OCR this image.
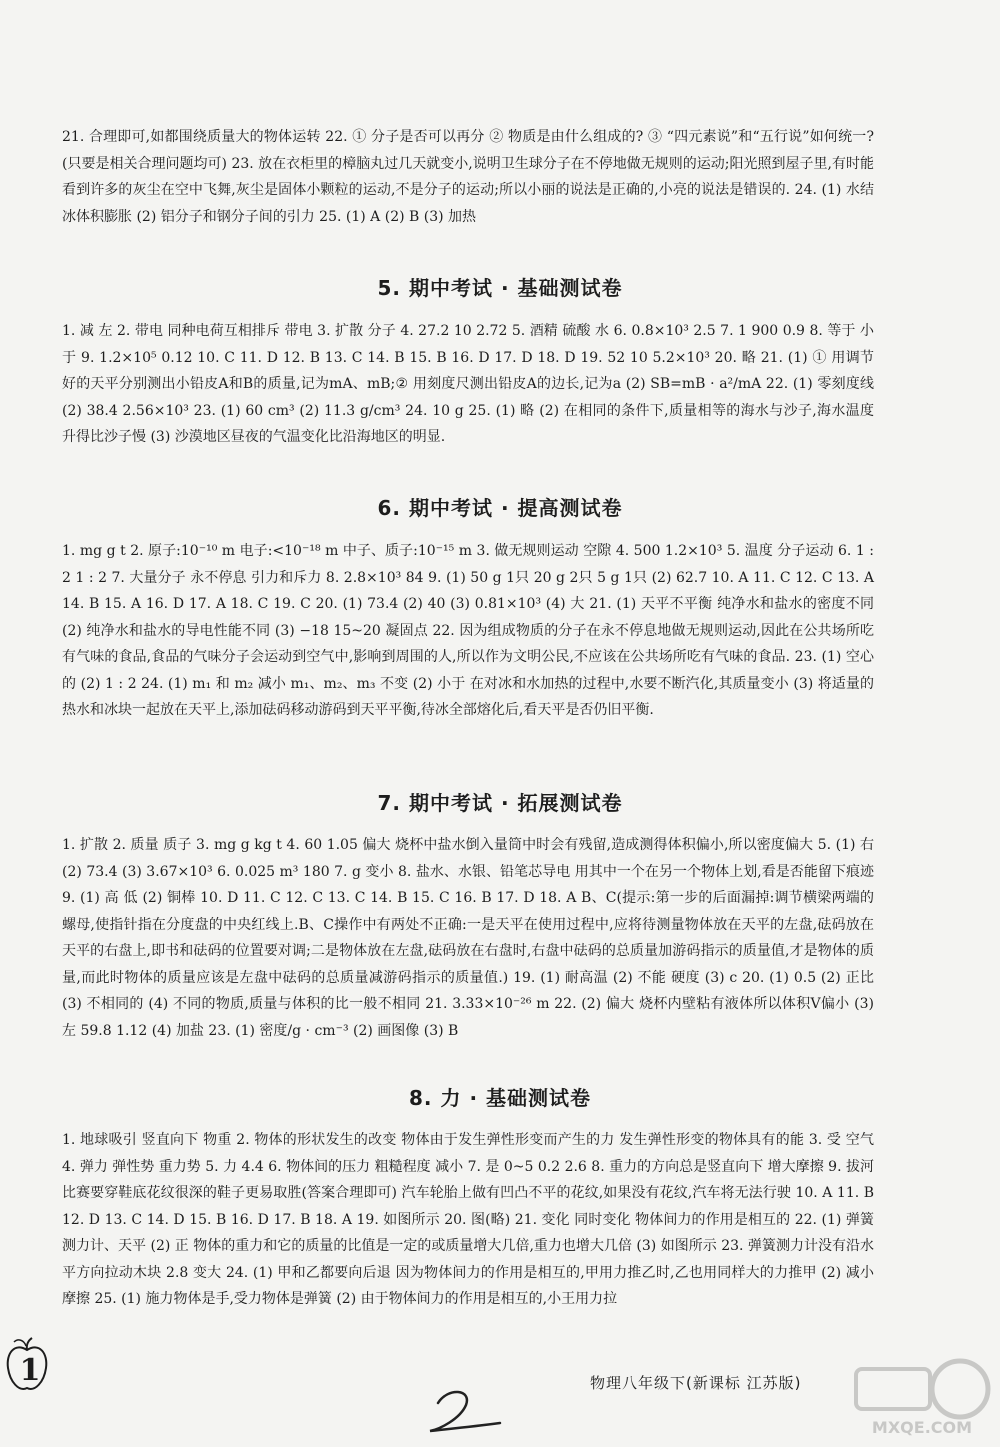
21. 合理即可,如都围绕质量大的物体运转 22. ① 分子是否可以再分 ② 物质是由什么组成的? ③ “四元素说”和“五行说”如何统一?(只要是相关合理问题均可) 23. 放在衣柜里的樟脑丸过几天就变小,说明卫生球分子在不停地做无规则的运动;阳光照到屋子里,有时能看到许多的灰尘在空中飞舞,灰尘是固体小颗粒的运动,不是分子的运动;所以小丽的说法是正确的,小亮的说法是错误的. 24. (1) 水结冰体积膨胀 (2) 铝分子和钢分子间的引力 25. (1) A (2) B (3) 加热

5. 期中考试 · 基础测试卷

1. 减 左 2. 带电 同种电荷互相排斥 带电 3. 扩散 分子 4. 27.2 10 2.72 5. 酒精 硫酸 水 6. 0.8×10³ 2.5 7. 1 900 0.9 8. 等于 小于 9. 1.2×10⁵ 0.12 10. C 11. D 12. B 13. C 14. B 15. B 16. D 17. D 18. D 19. 52 10 5.2×10³ 20. 略 21. (1) ① 用调节好的天平分别测出小铅皮A和B的质量,记为mA、mB;② 用刻度尺测出铅皮A的边长,记为a (2) SB=mB · a²/mA 22. (1) 零刻度线 (2) 38.4 2.56×10³ 23. (1) 60 cm³ (2) 11.3 g/cm³ 24. 10 g 25. (1) 略 (2) 在相同的条件下,质量相等的海水与沙子,海水温度升得比沙子慢 (3) 沙漠地区昼夜的气温变化比沿海地区的明显.

6. 期中考试 · 提高测试卷

1. mg g t 2. 原子:10⁻¹⁰ m 电子:<10⁻¹⁸ m 中子、质子:10⁻¹⁵ m 3. 做无规则运动 空隙 4. 500 1.2×10³ 5. 温度 分子运动 6. 1 : 2 1 : 2 7. 大量分子 永不停息 引力和斥力 8. 2.8×10³ 84 9. (1) 50 g 1只 20 g 2只 5 g 1只 (2) 62.7 10. A 11. C 12. C 13. A 14. B 15. A 16. D 17. A 18. C 19. C 20. (1) 73.4 (2) 40 (3) 0.81×10³ (4) 大 21. (1) 天平不平衡 纯净水和盐水的密度不同 (2) 纯净水和盐水的导电性能不同 (3) −18 15~20 凝固点 22. 因为组成物质的分子在永不停息地做无规则运动,因此在公共场所吃有气味的食品,食品的气味分子会运动到空气中,影响到周围的人,所以作为文明公民,不应该在公共场所吃有气味的食品. 23. (1) 空心的 (2) 1 : 2 24. (1) m₁ 和 m₂ 减小 m₁、m₂、m₃ 不变 (2) 小于 在对冰和水加热的过程中,水要不断汽化,其质量变小 (3) 将适量的热水和冰块一起放在天平上,添加砝码移动游码到天平平衡,待冰全部熔化后,看天平是否仍旧平衡.

7. 期中考试 · 拓展测试卷

1. 扩散 2. 质量 质子 3. mg g kg t 4. 60 1.05 偏大 烧杯中盐水倒入量筒中时会有残留,造成测得体积偏小,所以密度偏大 5. (1) 右 (2) 73.4 (3) 3.67×10³ 6. 0.025 m³ 180 7. g 变小 8. 盐水、水银、铅笔芯导电 用其中一个在另一个物体上划,看是否能留下痕迹 9. (1) 高 低 (2) 铜棒 10. D 11. C 12. C 13. C 14. B 15. C 16. B 17. D 18. A B、C(提示:第一步的后面漏掉:调节横梁两端的螺母,使指针指在分度盘的中央红线上.B、C操作中有两处不正确:一是天平在使用过程中,应将待测量物体放在天平的左盘,砝码放在天平的右盘上,即书和砝码的位置要对调;二是物体放在左盘,砝码放在右盘时,右盘中砝码的总质量加游码指示的质量值,才是物体的质量,而此时物体的质量应该是左盘中砝码的总质量减游码指示的质量值.) 19. (1) 耐高温 (2) 不能 硬度 (3) c 20. (1) 0.5 (2) 正比 (3) 不相同的 (4) 不同的物质,质量与体积的比一般不相同 21. 3.33×10⁻²⁶ m 22. (2) 偏大 烧杯内壁粘有液体所以体积V偏小 (3) 左 59.8 1.12 (4) 加盐 23. (1) 密度/g · cm⁻³ (2) 画图像 (3) B

8. 力 · 基础测试卷

1. 地球吸引 竖直向下 物重 2. 物体的形状发生的改变 物体由于发生弹性形变而产生的力 发生弹性形变的物体具有的能 3. 受 空气 4. 弹力 弹性势 重力势 5. 力 4.4 6. 物体间的压力 粗糙程度 减小 7. 是 0~5 0.2 2.6 8. 重力的方向总是竖直向下 增大摩擦 9. 拔河比赛要穿鞋底花纹很深的鞋子更易取胜(答案合理即可) 汽车轮胎上做有凹凸不平的花纹,如果没有花纹,汽车将无法行驶 10. A 11. B 12. D 13. C 14. D 15. B 16. D 17. B 18. A 19. 如图所示 20. 图(略) 21. 变化 同时变化 物体间力的作用是相互的 22. (1) 弹簧测力计、天平 (2) 正 物体的重力和它的质量的比值是一定的或质量增大几倍,重力也增大几倍 (3) 如图所示 23. 弹簧测力计没有沿水平方向拉动木块 2.8 变大 24. (1) 甲和乙都要向后退 因为物体间力的作用是相互的,甲用力推乙时,乙也用同样大的力推甲 (2) 减小摩擦 25. (1) 施力物体是手,受力物体是弹簧 (2) 由于物体间力的作用是相互的,小王用力拉

1	物理八年级下(新课标 江苏版)
MXQE.COM
